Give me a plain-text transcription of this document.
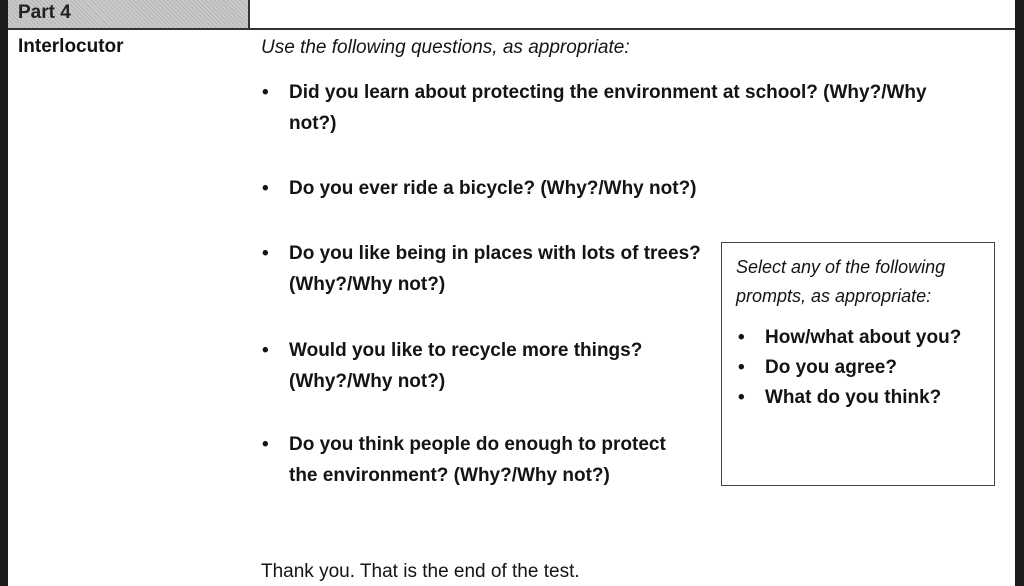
Part 4
Interlocutor	Use the following questions, as appropriate:
• Did you learn about protecting the environment at school? (Why?/Why not?)
• Do you ever ride a bicycle? (Why?/Why not?)
• Do you like being in places with lots of trees? (Why?/Why not?)
• Would you like to recycle more things? (Why?/Why not?)
• Do you think people do enough to protect the environment? (Why?/Why not?)
Select any of the following prompts, as appropriate:
• How/what about you?
• Do you agree?
• What do you think?
Thank you. That is the end of the test.
